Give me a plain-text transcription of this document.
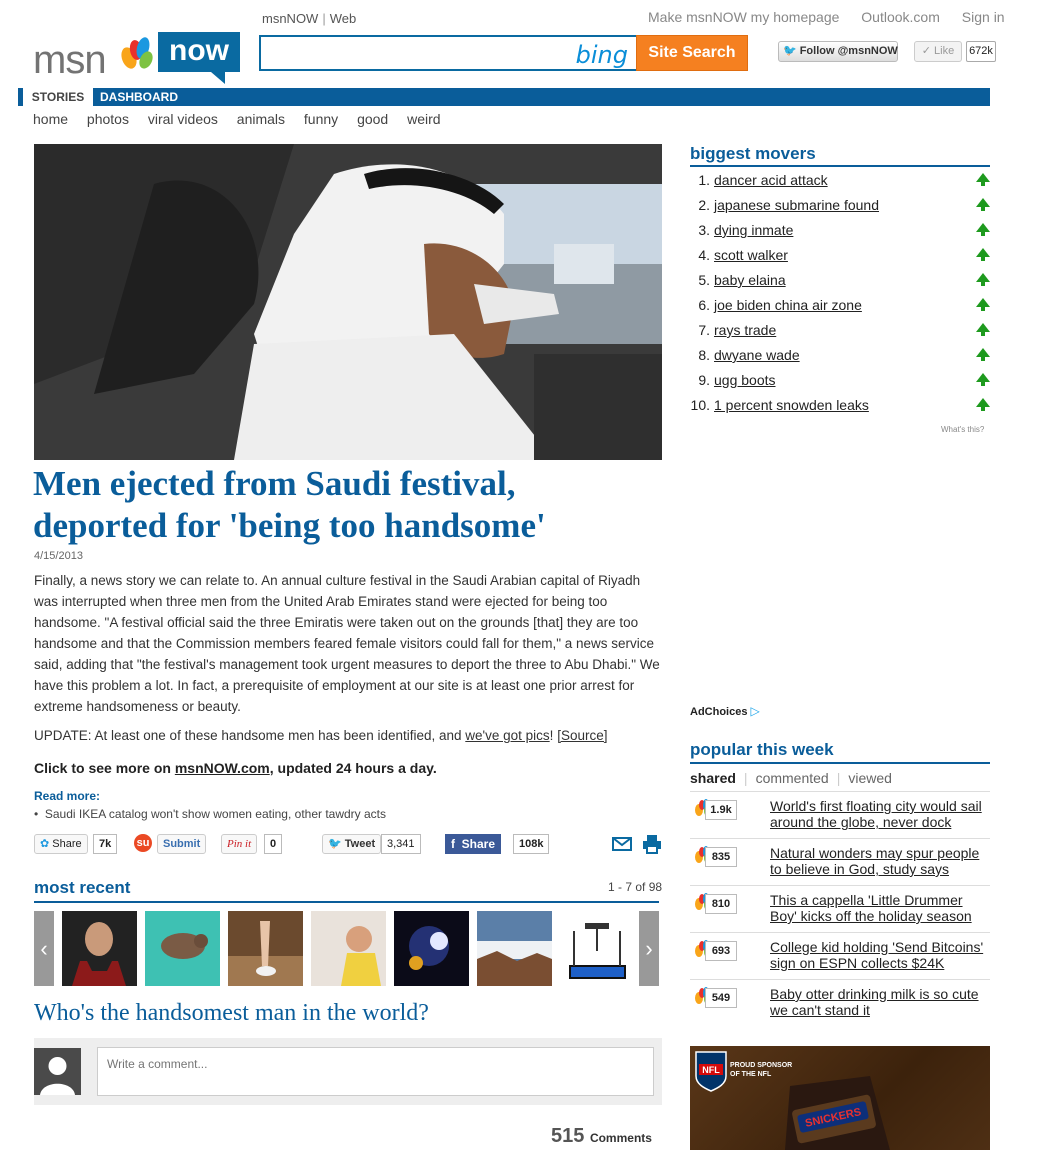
msn	now
msnNOW | Web
bing	Site Search
Make msnNOW my homepage Outlook.com Sign in
🐦 Follow @msnNOW	✓ Like	672k
STORIES	DASHBOARD
home photos viral videos animals funny good weird
Men ejected from Saudi festival, deported for 'being too handsome'
4/15/2013

Finally, a news story we can relate to. An annual culture festival in the Saudi Arabian capital of Riyadh was interrupted when three men from the United Arab Emirates stand were ejected for being too handsome. "A festival official said the three Emiratis were taken out on the grounds [that] they are too handsome and that the Commission members feared female visitors could fall for them," a news service said, adding that "the festival's management took urgent measures to deport the three to Abu Dhabi." We have this problem a lot. In fact, a prerequisite of employment at our site is at least one prior arrest for extreme handsomeness or beauty.

UPDATE: At least one of these handsome men has been identified, and we've got pics! [Source]

Click to see more on msnNOW.com, updated 24 hours a day.

Read more:
• Saudi IKEA catalog won't show women eating, other tawdry acts
✿ Share	7k	su	Submit	Pin it	0	🐦 Tweet	3,341	f Share	108k
most recent	1 - 7 of 98
‹	›
Who's the handsomest man in the world?
Write a comment...
515 Comments
biggest movers
1. dancer acid attack
2. japanese submarine found
3. dying inmate
4. scott walker
5. baby elaina
6. joe biden china air zone
7. rays trade
8. dwyane wade
9. ugg boots
10. 1 percent snowden leaks
What's this?
AdChoices ▷
popular this week
shared | commented | viewed
1.9k	World's first floating city would sail around the globe, never dock
835	Natural wonders may spur people to believe in God, study says
810	This a cappella 'Little Drummer Boy' kicks off the holiday season
693	College kid holding 'Send Bitcoins' sign on ESPN collects $24K
549	Baby otter drinking milk is so cute we can't stand it
NFL PROUD SPONSOR
OF THE NFL
SNICKERS
